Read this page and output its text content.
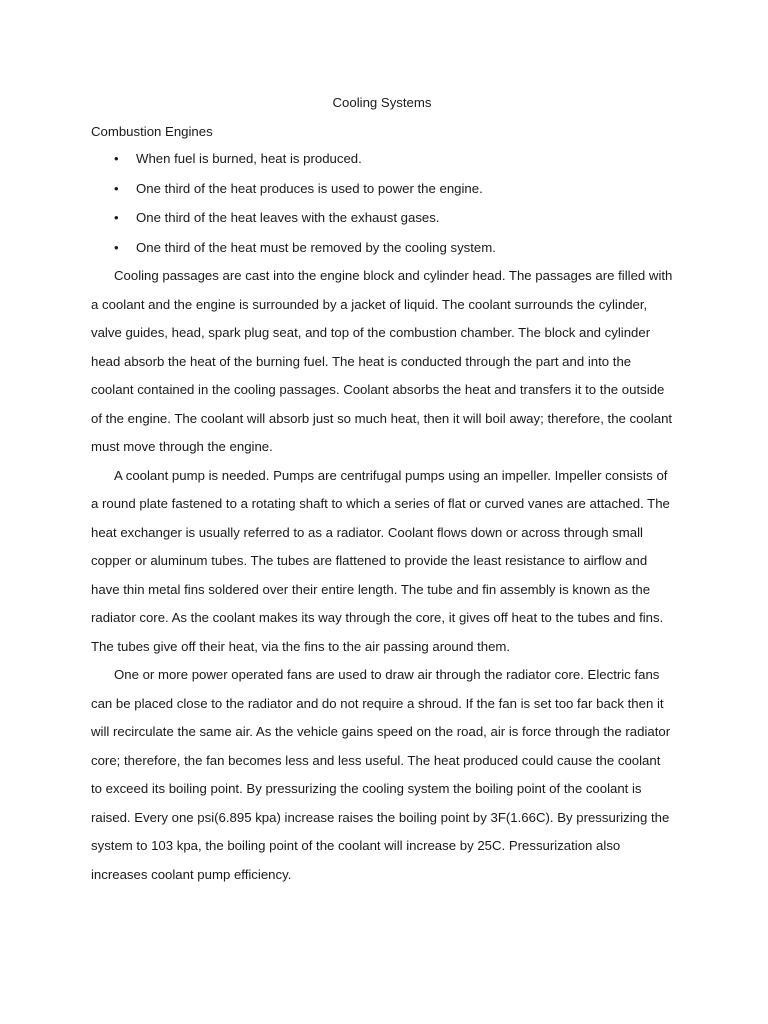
Cooling Systems
Combustion Engines
• When fuel is burned, heat is produced.
• One third of the heat produces is used to power the engine.
• One third of the heat leaves with the exhaust gases.
• One third of the heat must be removed by the cooling system.

Cooling passages are cast into the engine block and cylinder head. The passages are filled with a coolant and the engine is surrounded by a jacket of liquid. The coolant surrounds the cylinder, valve guides, head, spark plug seat, and top of the combustion chamber. The block and cylinder head absorb the heat of the burning fuel. The heat is conducted through the part and into the coolant contained in the cooling passages. Coolant absorbs the heat and transfers it to the outside of the engine. The coolant will absorb just so much heat, then it will boil away; therefore, the coolant must move through the engine.

A coolant pump is needed. Pumps are centrifugal pumps using an impeller. Impeller consists of a round plate fastened to a rotating shaft to which a series of flat or curved vanes are attached. The heat exchanger is usually referred to as a radiator. Coolant flows down or across through small copper or aluminum tubes. The tubes are flattened to provide the least resistance to airflow and have thin metal fins soldered over their entire length. The tube and fin assembly is known as the radiator core. As the coolant makes its way through the core, it gives off heat to the tubes and fins. The tubes give off their heat, via the fins to the air passing around them.

One or more power operated fans are used to draw air through the radiator core. Electric fans can be placed close to the radiator and do not require a shroud. If the fan is set too far back then it will recirculate the same air. As the vehicle gains speed on the road, air is force through the radiator core; therefore, the fan becomes less and less useful. The heat produced could cause the coolant to exceed its boiling point. By pressurizing the cooling system the boiling point of the coolant is raised. Every one psi(6.895 kpa) increase raises the boiling point by 3F(1.66C). By pressurizing the system to 103 kpa, the boiling point of the coolant will increase by 25C. Pressurization also increases coolant pump efficiency.
